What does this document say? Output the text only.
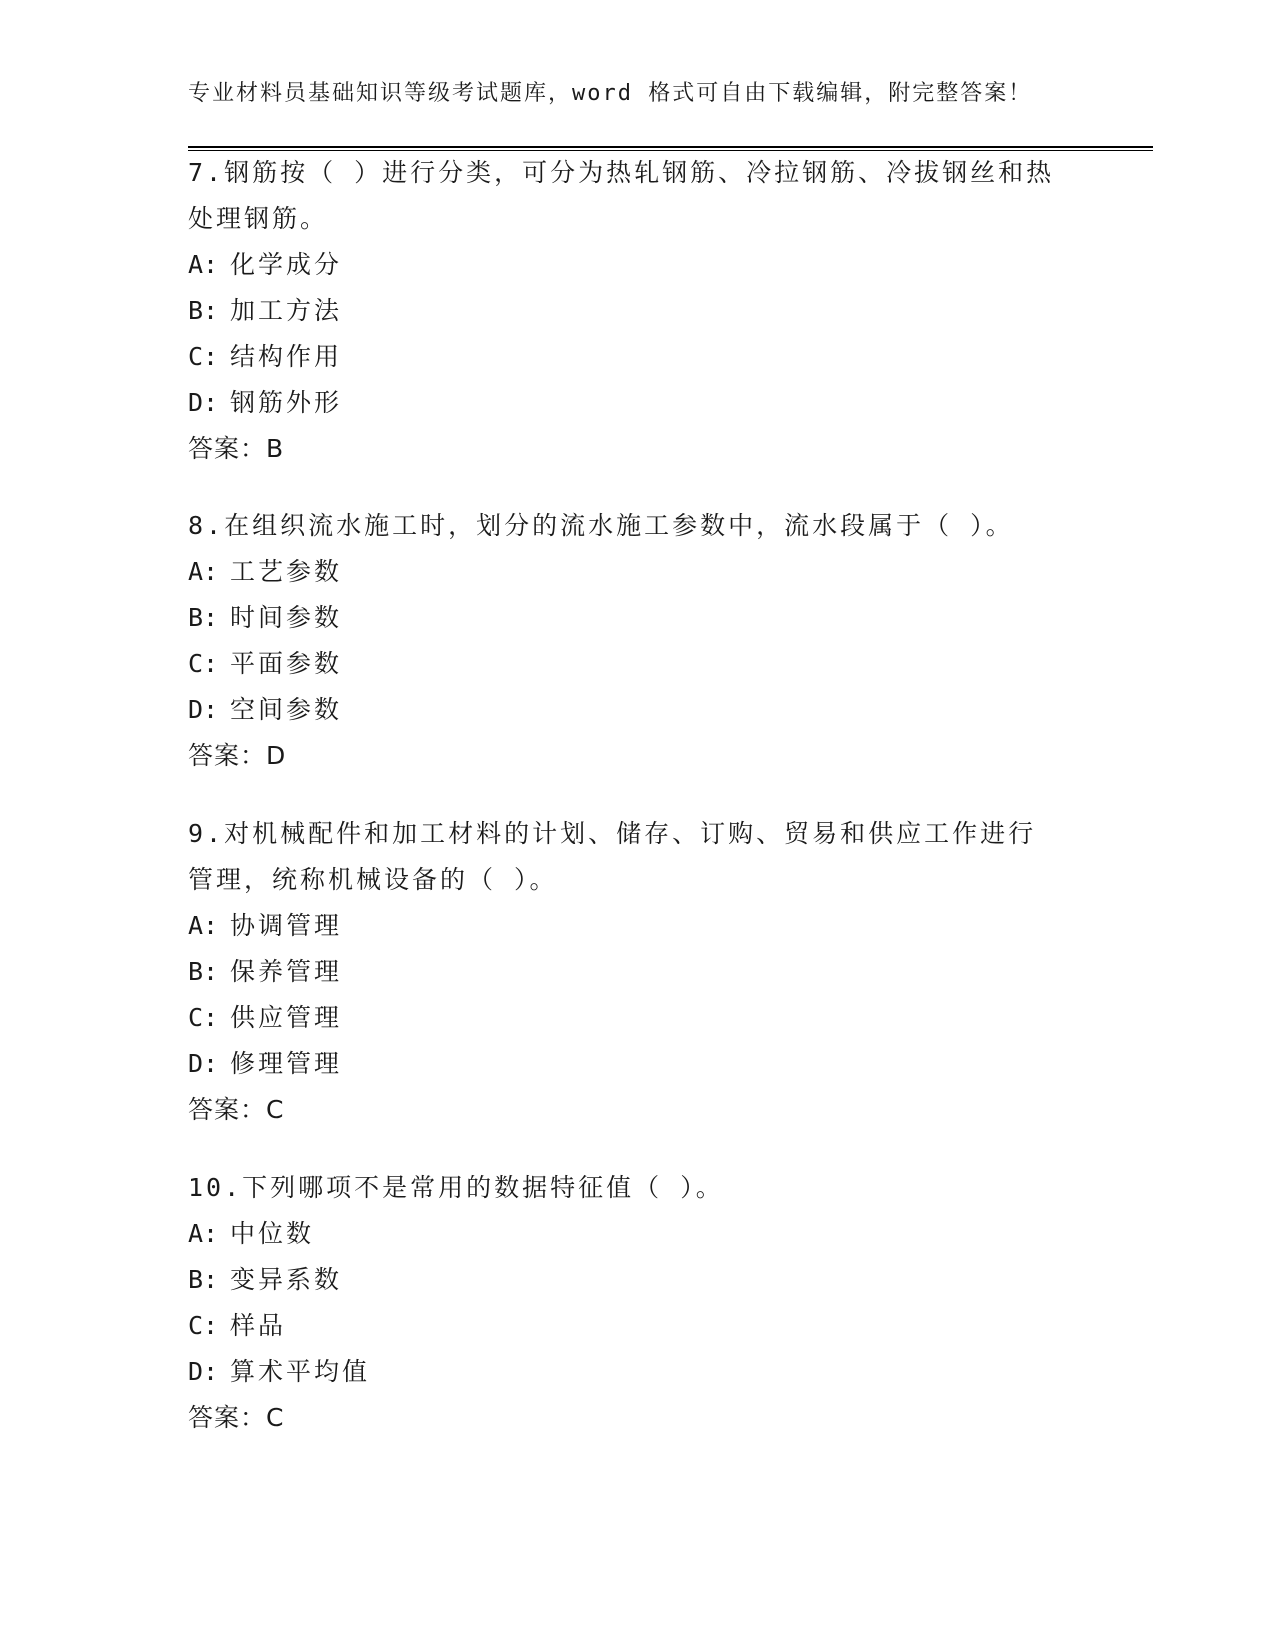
专业材料员基础知识等级考试题库，word 格式可自由下载编辑，附完整答案！
7.钢筋按（ ）进行分类，可分为热轧钢筋、冷拉钢筋、冷拔钢丝和热
处理钢筋。
A: 化学成分
B: 加工方法
C: 结构作用
D: 钢筋外形
答案：B
8.在组织流水施工时，划分的流水施工参数中，流水段属于（ ）。
A: 工艺参数
B: 时间参数
C: 平面参数
D: 空间参数
答案：D
9.对机械配件和加工材料的计划、储存、订购、贸易和供应工作进行
管理，统称机械设备的（ ）。
A: 协调管理
B: 保养管理
C: 供应管理
D: 修理管理
答案：C
10.下列哪项不是常用的数据特征值（ ）。
A: 中位数
B: 变异系数
C: 样品
D: 算术平均值
答案：C
